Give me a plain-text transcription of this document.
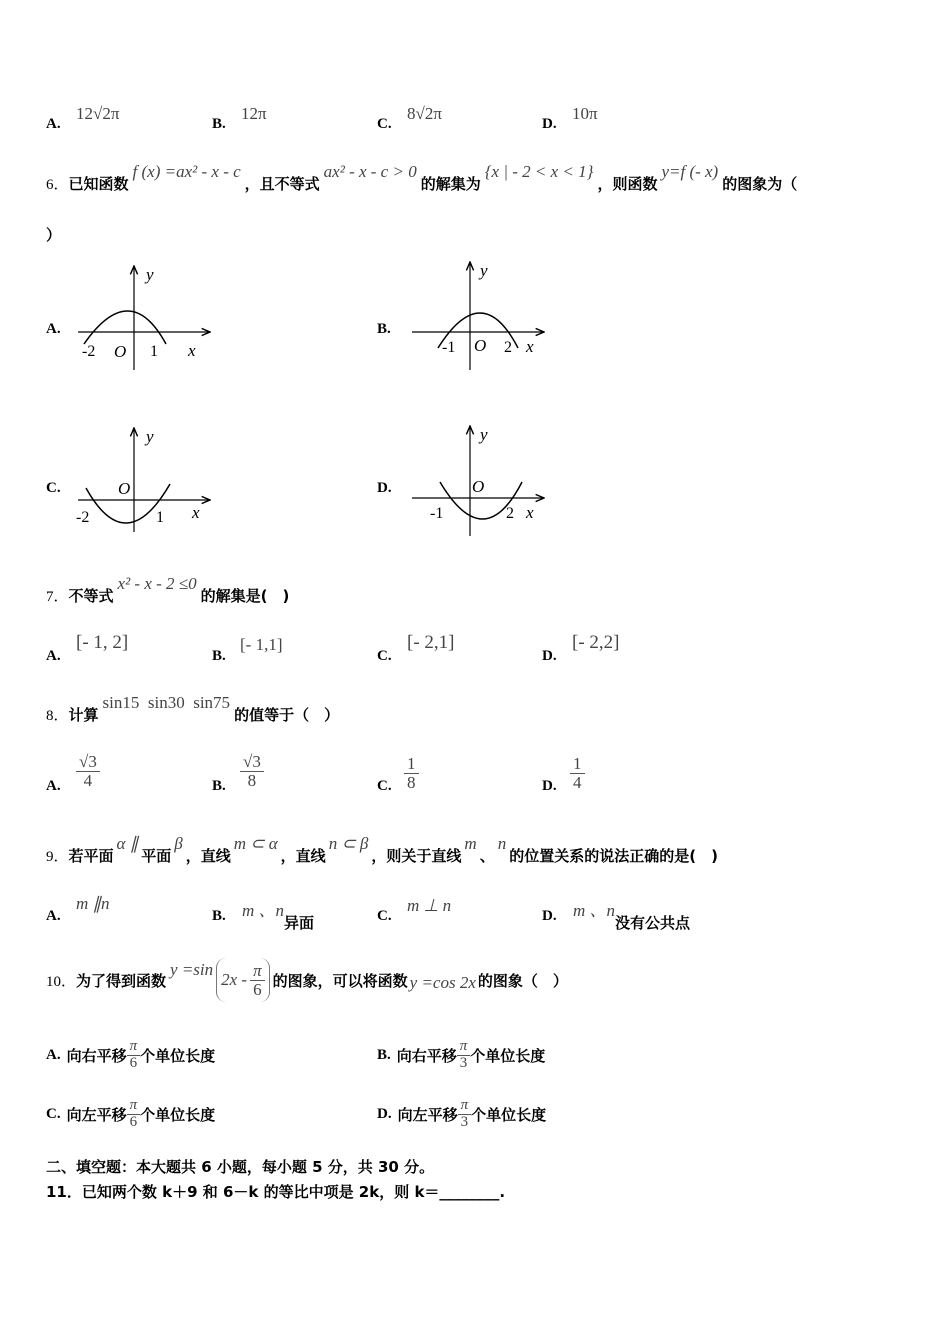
A.
12√2π
B.
12π
C.
8√2π
D.
10π
6． 已知函数
f (x) =ax² - x - c
，且不等式
ax² - x - c > 0
的解集为
{x | - 2 < x < 1}
，则函数
y=f (- x)
的图象为（
）
A.	B.
C.	D.
y
x
O
-2	1
y
x
O
-1	2
y
x
O
-2	1
y
x
O
-1	2
7． 不等式
x² - x - 2 ≤0
的解集是(　)
A.
[- 1, 2]
B.
[- 1,1]
C.
[- 2,1]
D.
[- 2,2]
8． 计算
sin15  sin30  sin75
的值等于（　）
A. $\frac{√3}{4}$	B. $\frac{√3}{8}$	C. $\frac{1}{8}$	D. $\frac{1}{4}$
9． 若平面
α ∥
平面
β
，直线
m ⊂ α
，直线
n ⊂ β
，则关于直线
m
、
n
的位置关系的说法正确的是(　)
A.
m ∥n
B. m 、n
异面	C.
m ⊥ n
D. m 、n
没有公共点
10． 为了得到函数
y =sin
$2x - \frac{\pi}{6}$ 的图象，可以将函数 y =cos 2x 的图象（　）
A. 向右平移 $\frac{\pi}{6}$ 个单位长度	B. 向右平移 $\frac{\pi}{3}$ 个单位长度
C. 向左平移 $\frac{\pi}{6}$ 个单位长度	D. 向左平移 $\frac{\pi}{3}$ 个单位长度
二、填空题：本大题共 6 小题，每小题 5 分，共 30 分。
11．已知两个数 k＋9 和 6－k 的等比中项是 2k，则 k＝________.
